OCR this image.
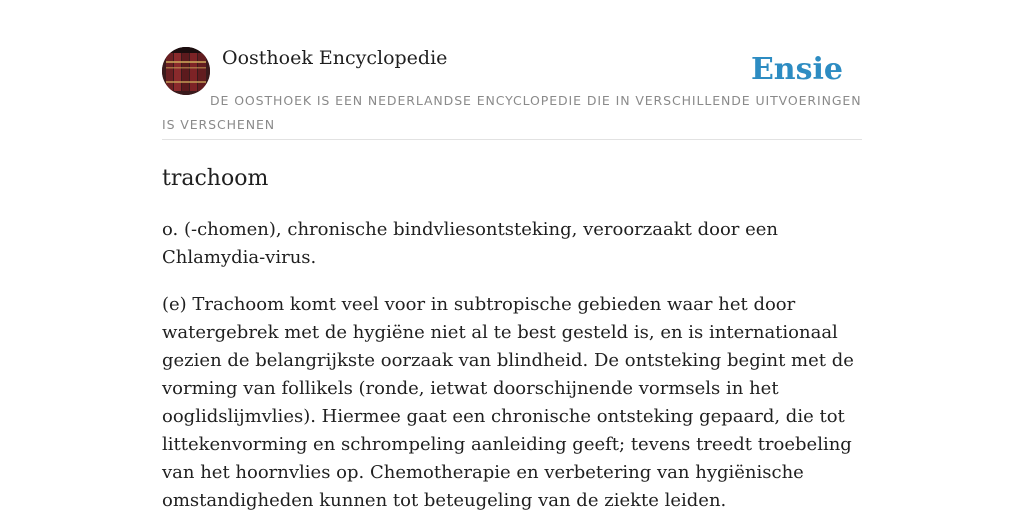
Oosthoek Encyclopedie	Ensie
DE OOSTHOEK IS EEN NEDERLANDSE ENCYCLOPEDIE DIE IN VERSCHILLENDE UITVOERINGEN IS VERSCHENEN
trachoom

o. (-chomen), chronische bindvliesontsteking, veroorzaakt door een Chlamydia-virus.

(e) Trachoom komt veel voor in subtropische gebieden waar het door watergebrek met de hygiëne niet al te best gesteld is, en is internationaal gezien de belangrijkste oorzaak van blindheid. De ontsteking begint met de vorming van follikels (ronde, ietwat doorschijnende vormsels in het ooglidslijmvlies). Hiermee gaat een chronische ontsteking gepaard, die tot littekenvorming en schrompeling aanleiding geeft; tevens treedt troebeling van het hoornvlies op. Chemotherapie en verbetering van hygiënische omstandigheden kunnen tot beteugeling van de ziekte leiden.
